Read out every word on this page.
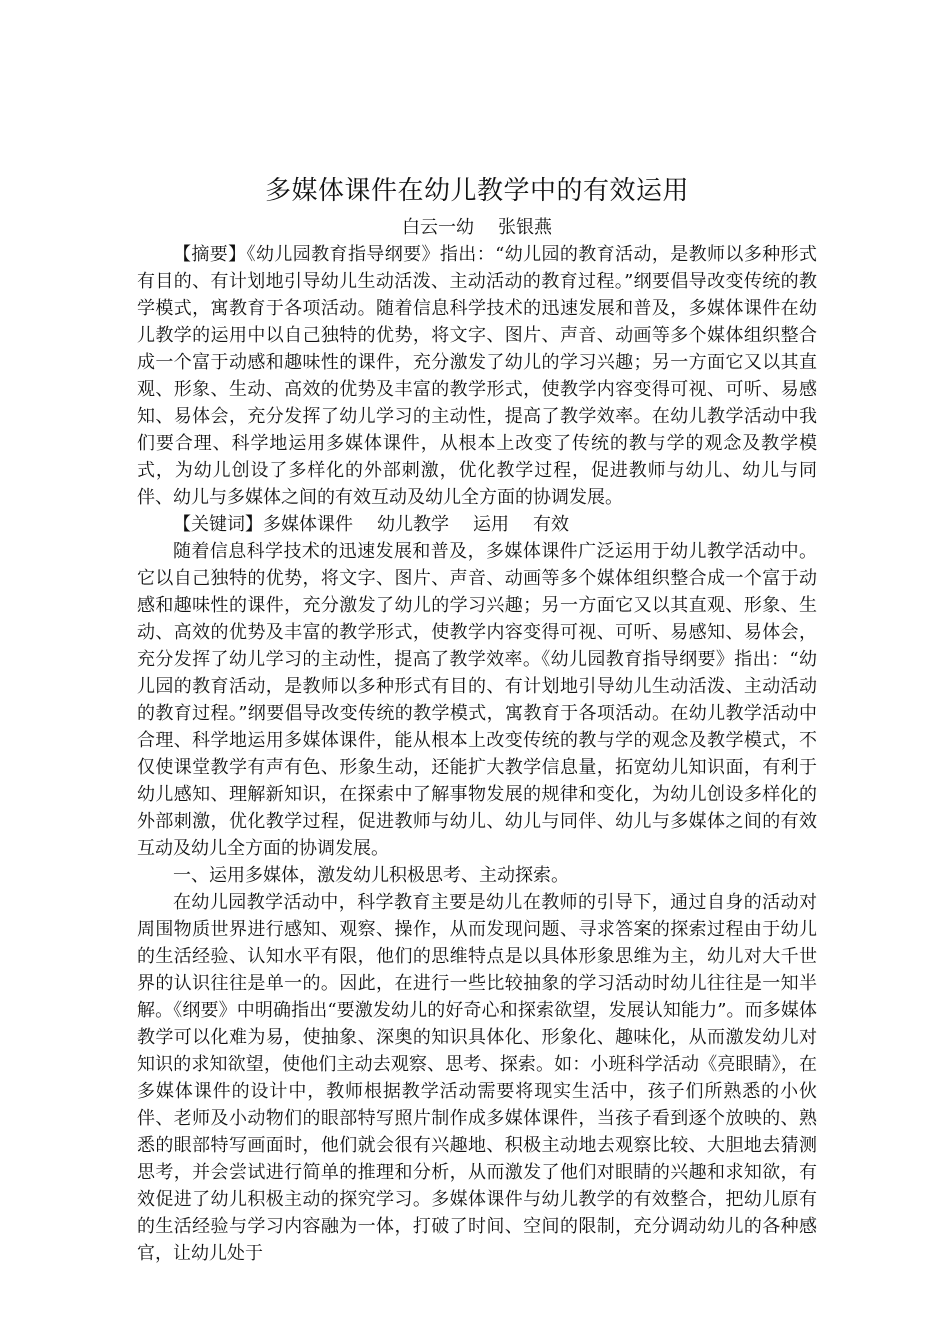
多媒体课件在幼儿教学中的有效运用

白云一幼 张银燕

【摘要】《幼儿园教育指导纲要》指出：“幼儿园的教育活动，是教师以多种形式有目的、有计划地引导幼儿生动活泼、主动活动的教育过程。”纲要倡导改变传统的教学模式，寓教育于各项活动。随着信息科学技术的迅速发展和普及，多媒体课件在幼儿教学的运用中以自己独特的优势，将文字、图片、声音、动画等多个媒体组织整合成一个富于动感和趣味性的课件，充分激发了幼儿的学习兴趣；另一方面它又以其直观、形象、生动、高效的优势及丰富的教学形式，使教学内容变得可视、可听、易感知、易体会，充分发挥了幼儿学习的主动性，提高了教学效率。在幼儿教学活动中我们要合理、科学地运用多媒体课件，从根本上改变了传统的教与学的观念及教学模式，为幼儿创设了多样化的外部刺激，优化教学过程，促进教师与幼儿、幼儿与同伴、幼儿与多媒体之间的有效互动及幼儿全方面的协调发展。

【关键词】多媒体课件 幼儿教学 运用 有效

随着信息科学技术的迅速发展和普及，多媒体课件广泛运用于幼儿教学活动中。它以自己独特的优势，将文字、图片、声音、动画等多个媒体组织整合成一个富于动感和趣味性的课件，充分激发了幼儿的学习兴趣；另一方面它又以其直观、形象、生动、高效的优势及丰富的教学形式，使教学内容变得可视、可听、易感知、易体会，充分发挥了幼儿学习的主动性，提高了教学效率。《幼儿园教育指导纲要》指出：“幼儿园的教育活动，是教师以多种形式有目的、有计划地引导幼儿生动活泼、主动活动的教育过程。”纲要倡导改变传统的教学模式，寓教育于各项活动。在幼儿教学活动中合理、科学地运用多媒体课件，能从根本上改变传统的教与学的观念及教学模式，不仅使课堂教学有声有色、形象生动，还能扩大教学信息量，拓宽幼儿知识面，有利于幼儿感知、理解新知识，在探索中了解事物发展的规律和变化，为幼儿创设多样化的外部刺激，优化教学过程，促进教师与幼儿、幼儿与同伴、幼儿与多媒体之间的有效互动及幼儿全方面的协调发展。

一、运用多媒体，激发幼儿积极思考、主动探索。

在幼儿园教学活动中，科学教育主要是幼儿在教师的引导下，通过自身的活动对周围物质世界进行感知、观察、操作，从而发现问题、寻求答案的探索过程由于幼儿的生活经验、认知水平有限，他们的思维特点是以具体形象思维为主，幼儿对大千世界的认识往往是单一的。因此，在进行一些比较抽象的学习活动时幼儿往往是一知半解。《纲要》中明确指出“要激发幼儿的好奇心和探索欲望，发展认知能力”。而多媒体教学可以化难为易，使抽象、深奥的知识具体化、形象化、趣味化，从而激发幼儿对知识的求知欲望，使他们主动去观察、思考、探索。如：小班科学活动《亮眼睛》，在多媒体课件的设计中，教师根据教学活动需要将现实生活中，孩子们所熟悉的小伙伴、老师及小动物们的眼部特写照片制作成多媒体课件，当孩子看到逐个放映的、熟悉的眼部特写画面时，他们就会很有兴趣地、积极主动地去观察比较、大胆地去猜测思考，并会尝试进行简单的推理和分析，从而激发了他们对眼睛的兴趣和求知欲，有效促进了幼儿积极主动的探究学习。多媒体课件与幼儿教学的有效整合，把幼儿原有的生活经验与学习内容融为一体，打破了时间、空间的限制，充分调动幼儿的各种感官，让幼儿处于
